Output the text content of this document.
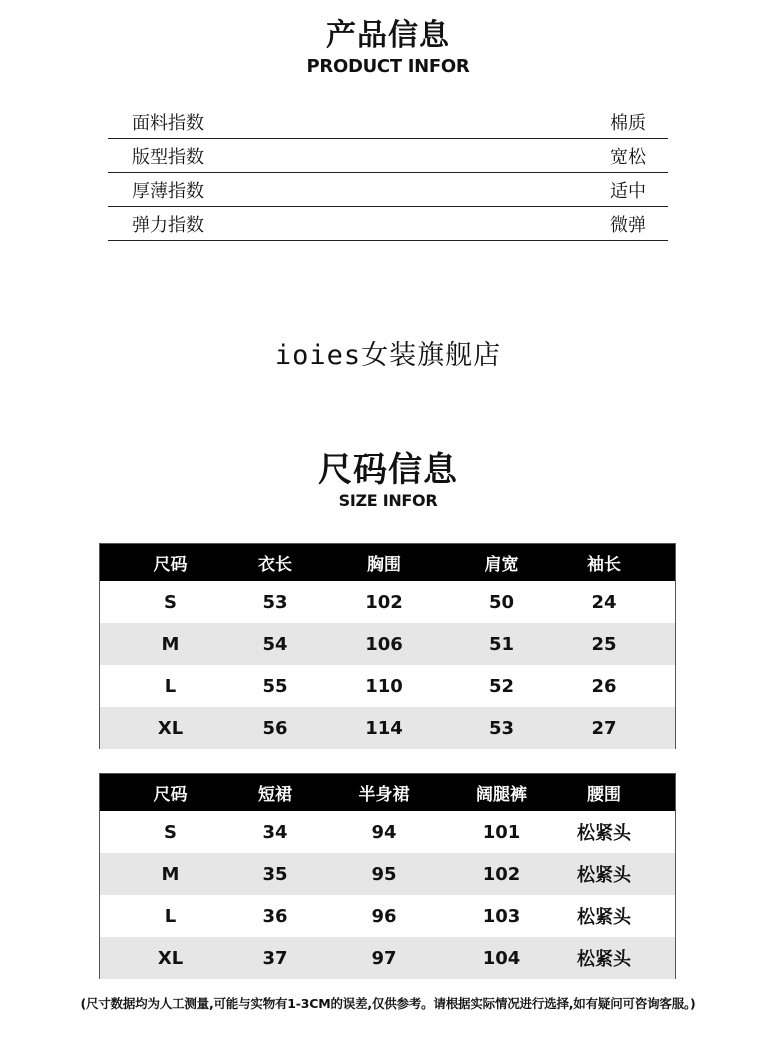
产品信息
PRODUCT INFOR
面料指数	棉质
版型指数	宽松
厚薄指数	适中
弹力指数	微弹
ioies女装旗舰店
尺码信息
SIZE INFOR
尺码	衣长	胸围	肩宽	袖长
S	53	102	50	24
M	54	106	51	25
L	55	110	52	26
XL	56	114	53	27
尺码	短裙	半身裙	阔腿裤	腰围
S	34	94	101	松紧头
M	35	95	102	松紧头
L	36	96	103	松紧头
XL	37	97	104	松紧头
(尺寸数据均为人工测量,可能与实物有1-3CM的误差,仅供参考。请根据实际情况进行选择,如有疑问可咨询客服。)
